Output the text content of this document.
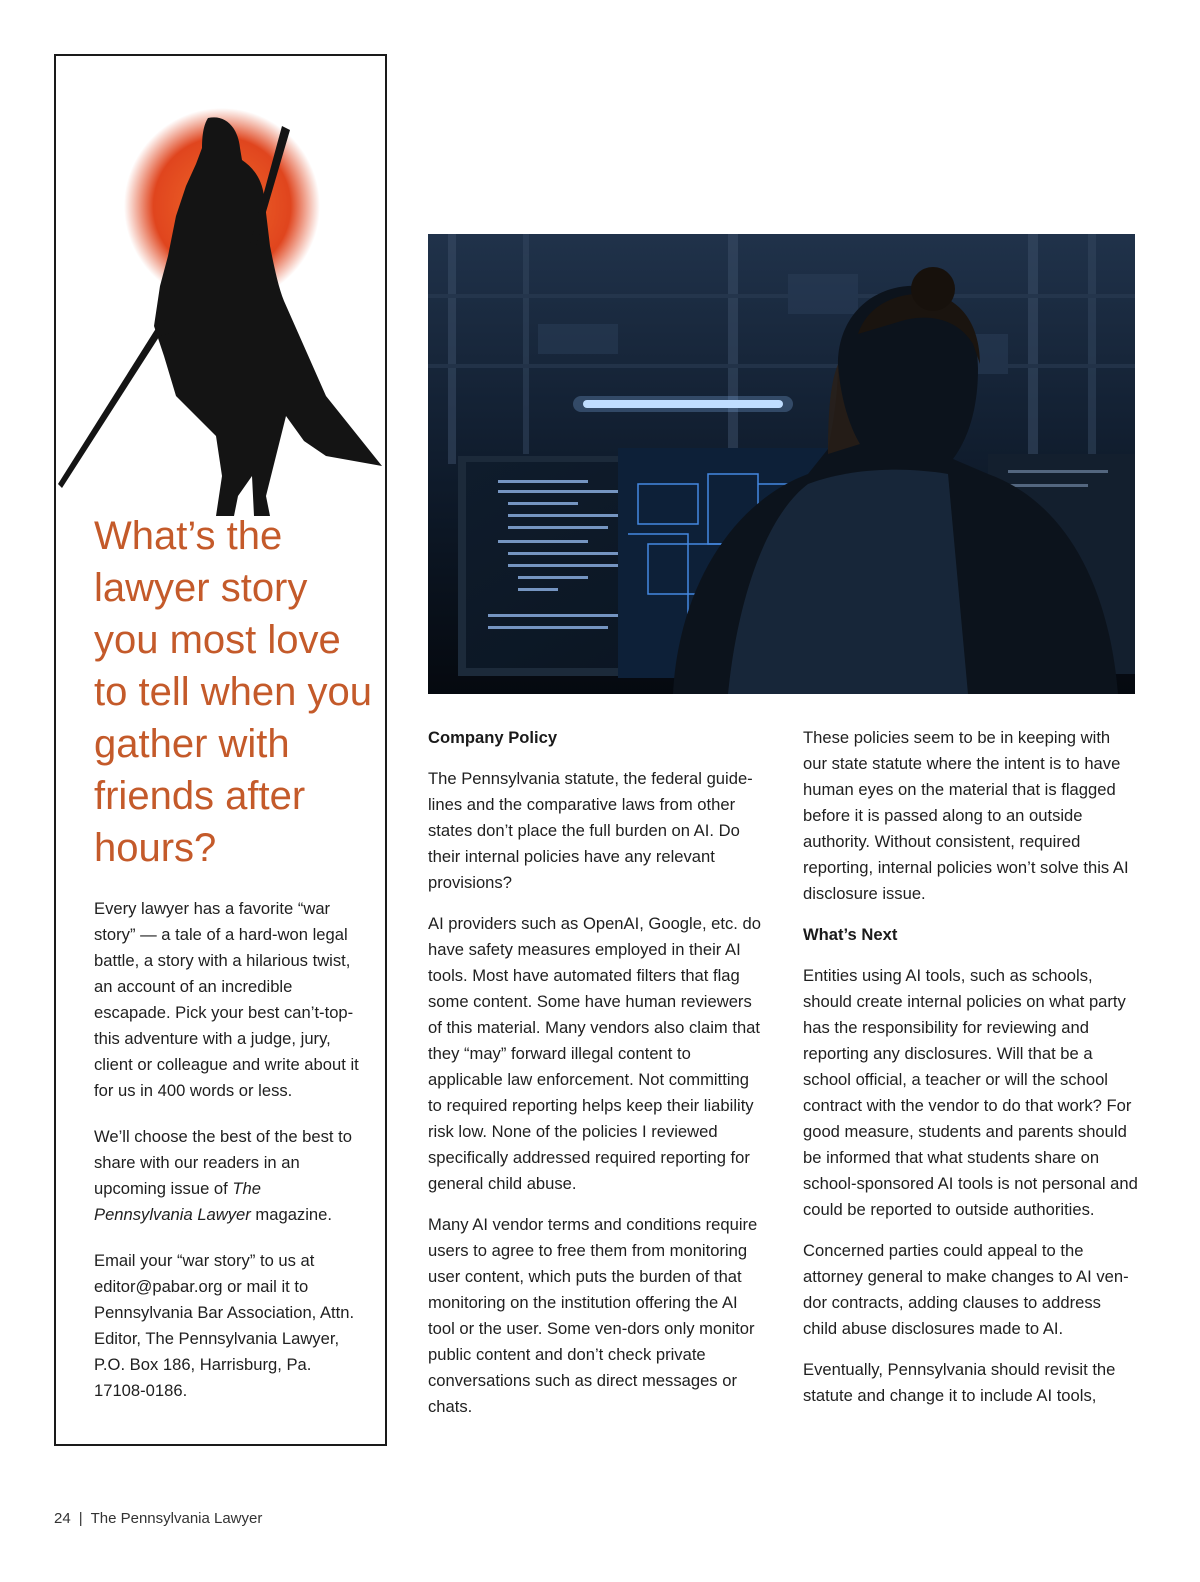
What’s the lawyer story you most love to tell when you gather with friends after hours?

Every lawyer has a favorite “war story” — a tale of a hard-won legal battle, a story with a hilarious twist, an account of an incredible escapade. Pick your best can’t-top-this adventure with a judge, jury, client or colleague and write about it for us in 400 words or less.

We’ll choose the best of the best to share with our readers in an upcoming issue of The Pennsylvania Lawyer magazine.

Email your “war story” to us at editor@pabar.org or mail it to Pennsylvania Bar Association, Attn. Editor, The Pennsylvania Lawyer, P.O. Box 186, Harrisburg, Pa. 17108-0186.

Company Policy

The Pennsylvania statute, the federal guide-lines and the comparative laws from other states don’t place the full burden on AI. Do their internal policies have any relevant provisions?

AI providers such as OpenAI, Google, etc. do have safety measures employed in their AI tools. Most have automated filters that flag some content. Some have human reviewers of this material. Many vendors also claim that they “may” forward illegal content to applicable law enforcement. Not committing to required reporting helps keep their liability risk low. None of the policies I reviewed specifically addressed required reporting for general child abuse.

Many AI vendor terms and conditions require users to agree to free them from monitoring user content, which puts the burden of that monitoring on the institution offering the AI tool or the user. Some ven-dors only monitor public content and don’t check private conversations such as direct messages or chats.

These policies seem to be in keeping with our state statute where the intent is to have human eyes on the material that is flagged before it is passed along to an outside authority. Without consistent, required reporting, internal policies won’t solve this AI disclosure issue.

What’s Next

Entities using AI tools, such as schools, should create internal policies on what party has the responsibility for reviewing and reporting any disclosures. Will that be a school official, a teacher or will the school contract with the vendor to do that work? For good measure, students and parents should be informed that what students share on school-sponsored AI tools is not personal and could be reported to outside authorities.

Concerned parties could appeal to the attorney general to make changes to AI ven-dor contracts, adding clauses to address child abuse disclosures made to AI.

Eventually, Pennsylvania should revisit the statute and change it to include AI tools,

24 | The Pennsylvania Lawyer
